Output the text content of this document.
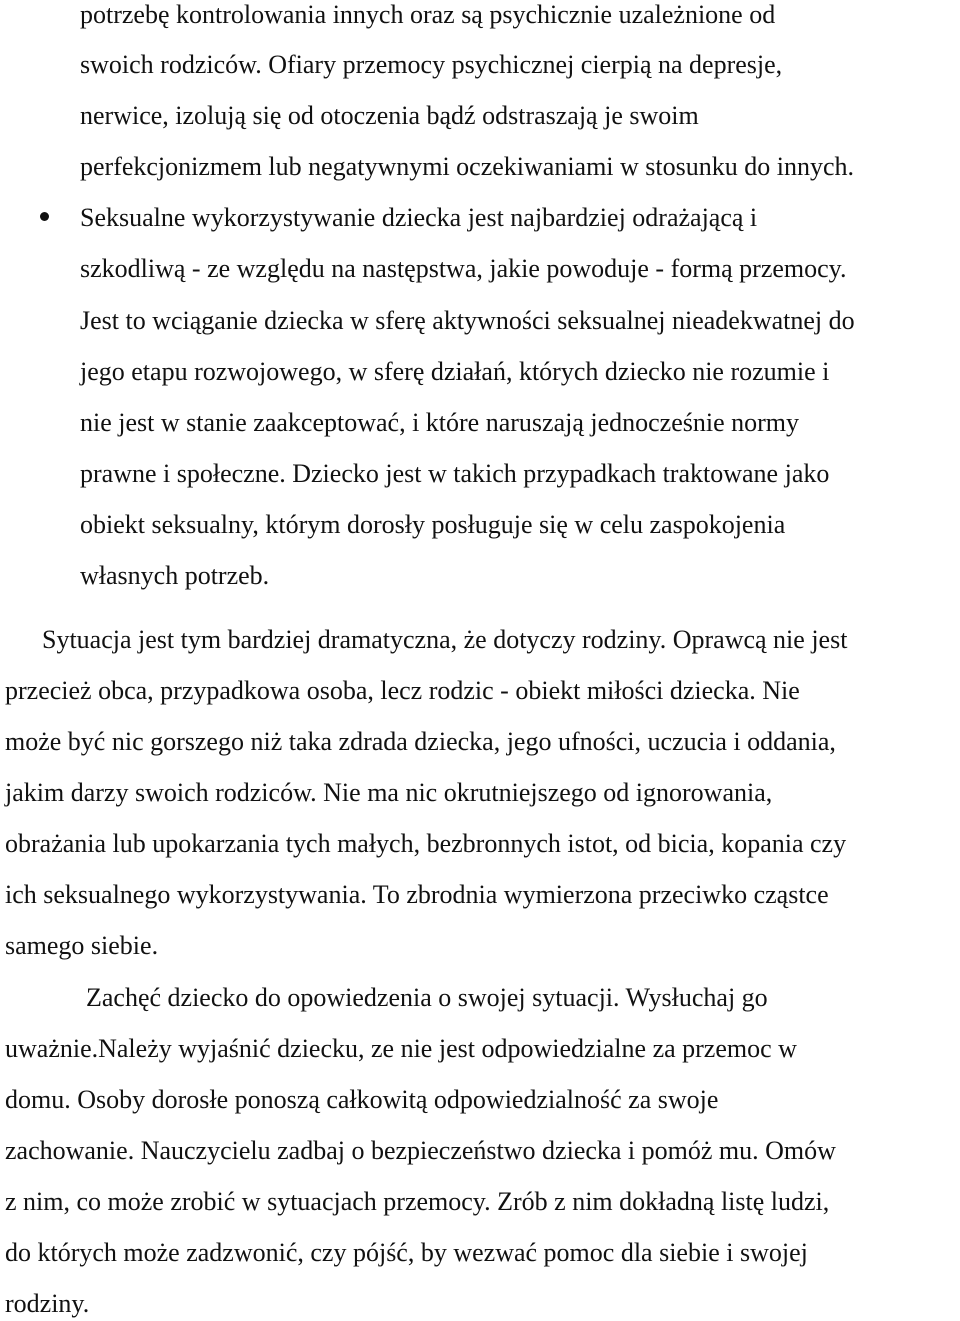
potrzebę kontrolowania innych oraz są psychicznie uzależnione od
swoich rodziców. Ofiary przemocy psychicznej cierpią na depresje,
nerwice, izolują się od otoczenia bądź odstraszają je swoim
perfekcjonizmem lub negatywnymi oczekiwaniami w stosunku do innych.
Seksualne wykorzystywanie dziecka jest najbardziej odrażającą i
szkodliwą - ze względu na następstwa, jakie powoduje - formą przemocy.
Jest to wciąganie dziecka w sferę aktywności seksualnej nieadekwatnej do
jego etapu rozwojowego, w sferę działań, których dziecko nie rozumie i
nie jest w stanie zaakceptować, i które naruszają jednocześnie normy
prawne i społeczne. Dziecko jest w takich przypadkach traktowane jako
obiekt seksualny, którym dorosły posługuje się w celu zaspokojenia
własnych potrzeb.
Sytuacja jest tym bardziej dramatyczna, że dotyczy rodziny. Oprawcą nie jest
przecież obca, przypadkowa osoba, lecz rodzic - obiekt miłości dziecka. Nie
może być nic gorszego niż taka zdrada dziecka, jego ufności, uczucia i oddania,
jakim darzy swoich rodziców. Nie ma nic okrutniejszego od ignorowania,
obrażania lub upokarzania tych małych, bezbronnych istot, od bicia, kopania czy
ich seksualnego wykorzystywania. To zbrodnia wymierzona przeciwko cząstce
samego siebie.
Zachęć dziecko do opowiedzenia o swojej sytuacji. Wysłuchaj go
uważnie.Należy wyjaśnić dziecku, ze nie jest odpowiedzialne za przemoc w
domu. Osoby dorosłe ponoszą całkowitą odpowiedzialność za swoje
zachowanie. Nauczycielu zadbaj o bezpieczeństwo dziecka i pomóż mu. Omów
z nim, co może zrobić w sytuacjach przemocy. Zrób z nim dokładną listę ludzi,
do których może zadzwonić, czy pójść, by wezwać pomoc dla siebie i swojej
rodziny.
